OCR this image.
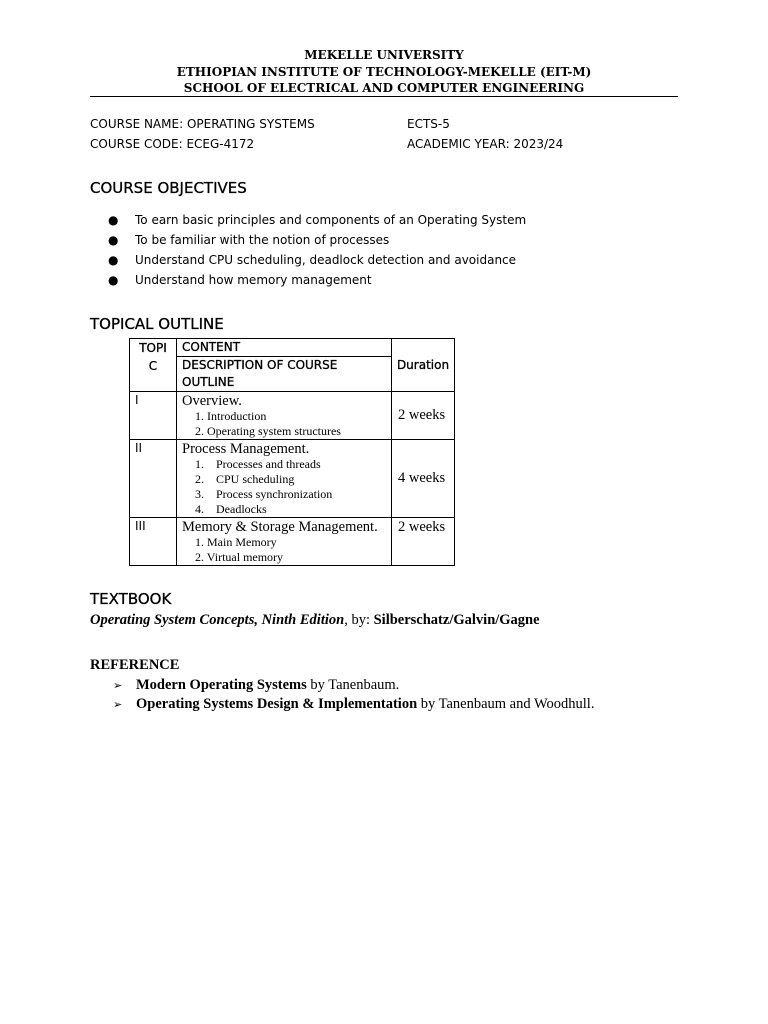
MEKELLE UNIVERSITY
ETHIOPIAN INSTITUTE OF TECHNOLOGY-MEKELLE (EIT-M)
SCHOOL OF ELECTRICAL AND COMPUTER ENGINEERING
COURSE NAME: OPERATING SYSTEMS
COURSE CODE: ECEG-4172
ECTS-5
ACADEMIC YEAR: 2023/24
COURSE OBJECTIVES
● To earn basic principles and components of an Operating System
● To be familiar with the notion of processes
● Understand CPU scheduling, deadlock detection and avoidance
● Understand how memory management
TOPICAL OUTLINE
TOPI
C	CONTENT	Duration
	DESCRIPTION OF COURSE OUTLINE	
I	Overview.
1. Introduction
2. Operating system structures	2 weeks
II	Process Management.
1. Processes and threads
2. CPU scheduling
3. Process synchronization
4. Deadlocks	4 weeks
III	Memory & Storage Management.
1. Main Memory
2. Virtual memory	2 weeks
TEXTBOOK
Operating System Concepts, Ninth Edition, by: Silberschatz/Galvin/Gagne
REFERENCE
➢ Modern Operating Systems by Tanenbaum.
➢ Operating Systems Design & Implementation by Tanenbaum and Woodhull.
